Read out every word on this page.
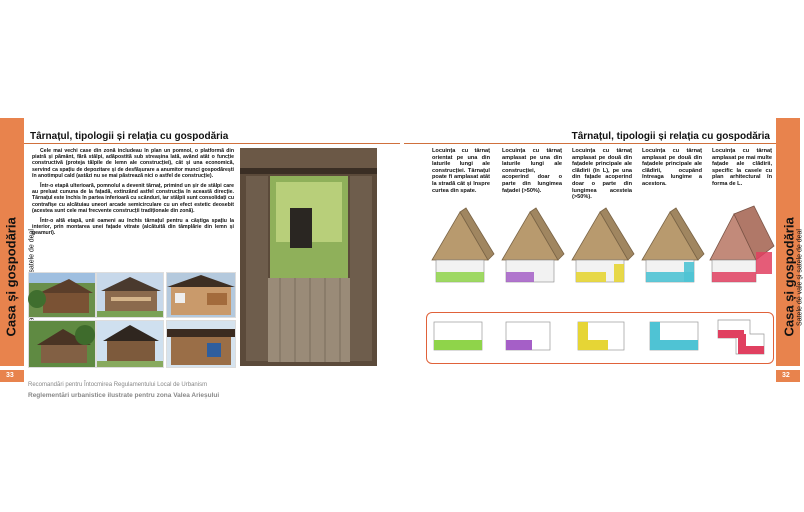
Casa și gospodăria
33
Târnațul, tipologii și relația cu gospodăria

Cele mai vechi case din zonă includeau în plan un pomnol, o platformă din piatră și pământ, fără stâlpi, adăpostită sub streașina lată, având atât o funcție constructivă (proteja tălpile de lemn ale construcției), cât și una economică, servind ca spațiu de depozitare și de desfășurare a anumitor munci gospodărești în anotimpul cald (astăzi nu se mai păstrează nici o astfel de construcție).

Într-o etapă ulterioară, pomnolul a devenit târnaț, primind un șir de stâlpi care au preluat cununa de la fațadă, extinzând astfel construcția în această direcție. Târnațul este închis în partea inferioară cu scânduri, iar stâlpii sunt consolidați cu contrafișe cu alcătuiau uneori arcade semicirculare cu un efect estetic deosebit (acestea sunt cele mai frecvente construcții tradiționale din zonă).

Într-o altă etapă, unii oameni au închis târnațul pentru a câștiga spațiu la interior, prin montarea unei fațade vitrate (alcătuită din tâmplărie din lemn și geamuri).

Recomandări pentru Întocmirea Regulamentului Local de Urbanism
Reglementări urbanistice ilustrate pentru zona Valea Arieșului
Târnațul, tipologii și relația cu gospodăria
Casa și gospodăria Satele de vale și satele de deal
32
Locuința cu târnaț orientat pe una din laturile lungi ale construcției. Târnațul poate fi amplasat atât la stradă cât și înspre curtea din spate.
Locuința cu târnaț amplasat pe una din laturile lungi ale construcției, acoperind doar o parte din lungimea fațadei (>50%).
Locuința cu târnaț amplasat pe două din fațadele principale ale clădirii (în L), pe una din fațade acoperind doar o parte din lungimea acesteia (>50%).
Locuința cu târnaț amplasat pe două din fațadele principale ale clădirii, ocupând întreaga lungime a acestora.
Locuința cu târnaț amplasat pe mai multe fațade ale clădirii, specific la casele cu plan arhitectural în forma de L.
